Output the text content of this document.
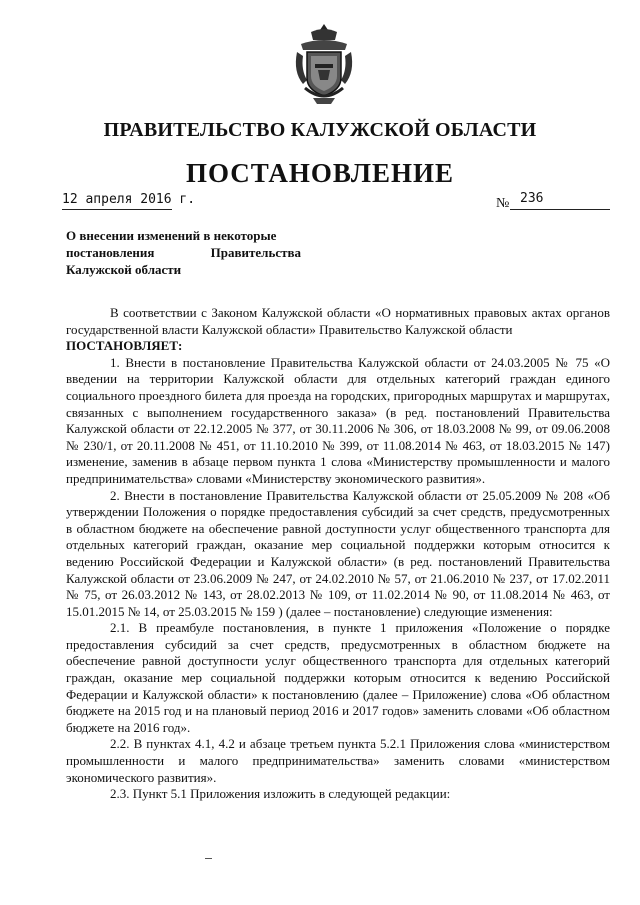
ПРАВИТЕЛЬСТВО КАЛУЖСКОЙ ОБЛАСТИ
ПОСТАНОВЛЕНИЕ
12 апреля 2016 г.	№ 236
О внесении изменений в некоторые
постановления	Правительства
Калужской области

В соответствии с Законом Калужской области «О нормативных правовых актах органов государственной власти Калужской области» Правительство Калужской области

ПОСТАНОВЛЯЕТ:

1. Внести в постановление Правительства Калужской области от 24.03.2005 № 75 «О введении на территории Калужской области для отдельных категорий граждан единого социального проездного билета для проезда на городских, пригородных маршрутах и маршрутах, связанных с выполнением государственного заказа» (в ред. постановлений Правительства Калужской области от 22.12.2005 № 377, от 30.11.2006 № 306, от 18.03.2008 № 99, от 09.06.2008 № 230/1, от 20.11.2008 № 451, от 11.10.2010 № 399, от 11.08.2014 № 463, от 18.03.2015 № 147) изменение, заменив в абзаце первом пункта 1 слова «Министерству промышленности и малого предпринимательства» словами «Министерству экономического развития».

2. Внести в постановление Правительства Калужской области от 25.05.2009 № 208 «Об утверждении Положения о порядке предоставления субсидий за счет средств, предусмотренных в областном бюджете на обеспечение равной доступности услуг общественного транспорта для отдельных категорий граждан, оказание мер социальной поддержки которым относится к ведению Российской Федерации и Калужской области» (в ред. постановлений Правительства Калужской области от 23.06.2009 № 247, от 24.02.2010 № 57, от 21.06.2010 № 237, от 17.02.2011 № 75, от 26.03.2012 № 143, от 28.02.2013 № 109, от 11.02.2014 № 90, от 11.08.2014 № 463, от 15.01.2015 № 14, от 25.03.2015 № 159 ) (далее – постановление) следующие изменения:

2.1. В преамбуле постановления, в пункте 1 приложения «Положение о порядке предоставления субсидий за счет средств, предусмотренных в областном бюджете на обеспечение равной доступности услуг общественного транспорта для отдельных категорий граждан, оказание мер социальной поддержки которым относится к ведению Российской Федерации и Калужской области» к постановлению (далее – Приложение) слова «Об областном бюджете на 2015 год и на плановый период 2016 и 2017 годов» заменить словами «Об областном бюджете на 2016 год».

2.2. В пунктах 4.1, 4.2 и абзаце третьем пункта 5.2.1 Приложения слова «министерством промышленности и малого предпринимательства» заменить словами «министерством экономического развития».

2.3. Пункт 5.1 Приложения изложить в следующей редакции:
